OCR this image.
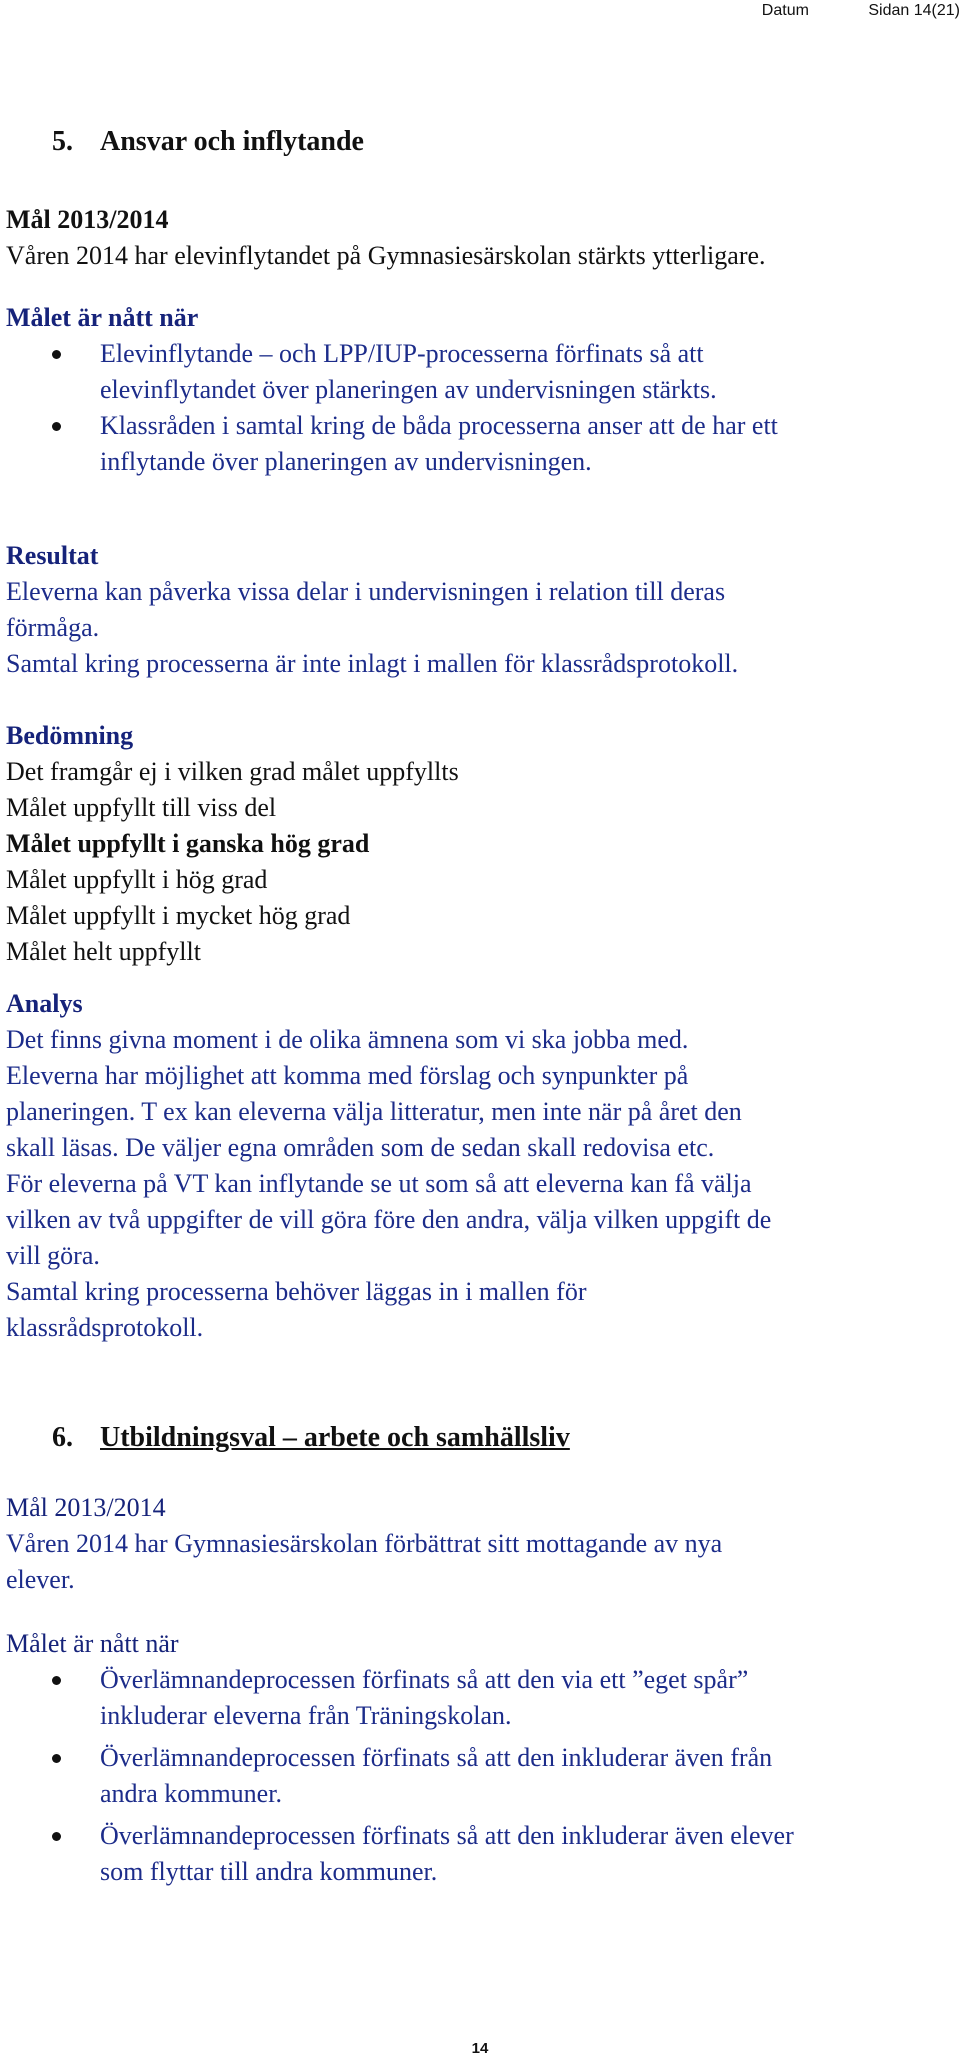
Datum	Sidan 14(21)
5. Ansvar och inflytande

Mål 2013/2014

Våren 2014 har elevinflytandet på Gymnasiesärskolan stärkts ytterligare.

Målet är nått när

Elevinflytande – och LPP/IUP-processerna förfinats så att
elevinflytandet över planeringen av undervisningen stärkts.
Klassråden i samtal kring de båda processerna anser att de har ett
inflytande över planeringen av undervisningen.

Resultat

Eleverna kan påverka vissa delar i undervisningen i relation till deras

förmåga.

Samtal kring processerna är inte inlagt i mallen för klassrådsprotokoll.

Bedömning

Det framgår ej i vilken grad målet uppfyllts

Målet uppfyllt till viss del

Målet uppfyllt i ganska hög grad

Målet uppfyllt i hög grad

Målet uppfyllt i mycket hög grad

Målet helt uppfyllt

Analys

Det finns givna moment i de olika ämnena som vi ska jobba med.

Eleverna har möjlighet att komma med förslag och synpunkter på

planeringen. T ex kan eleverna välja litteratur, men inte när på året den

skall läsas. De väljer egna områden som de sedan skall redovisa etc.

För eleverna på VT kan inflytande se ut som så att eleverna kan få välja

vilken av två uppgifter de vill göra före den andra, välja vilken uppgift de

vill göra.

Samtal kring processerna behöver läggas in i mallen för

klassrådsprotokoll.

6. Utbildningsval – arbete och samhällsliv

Mål 2013/2014

Våren 2014 har Gymnasiesärskolan förbättrat sitt mottagande av nya

elever.

Målet är nått när

Överlämnandeprocessen förfinats så att den via ett ”eget spår”
inkluderar eleverna från Träningskolan.
Överlämnandeprocessen förfinats så att den inkluderar även från
andra kommuner.
Överlämnandeprocessen förfinats så att den inkluderar även elever
som flyttar till andra kommuner.
14
